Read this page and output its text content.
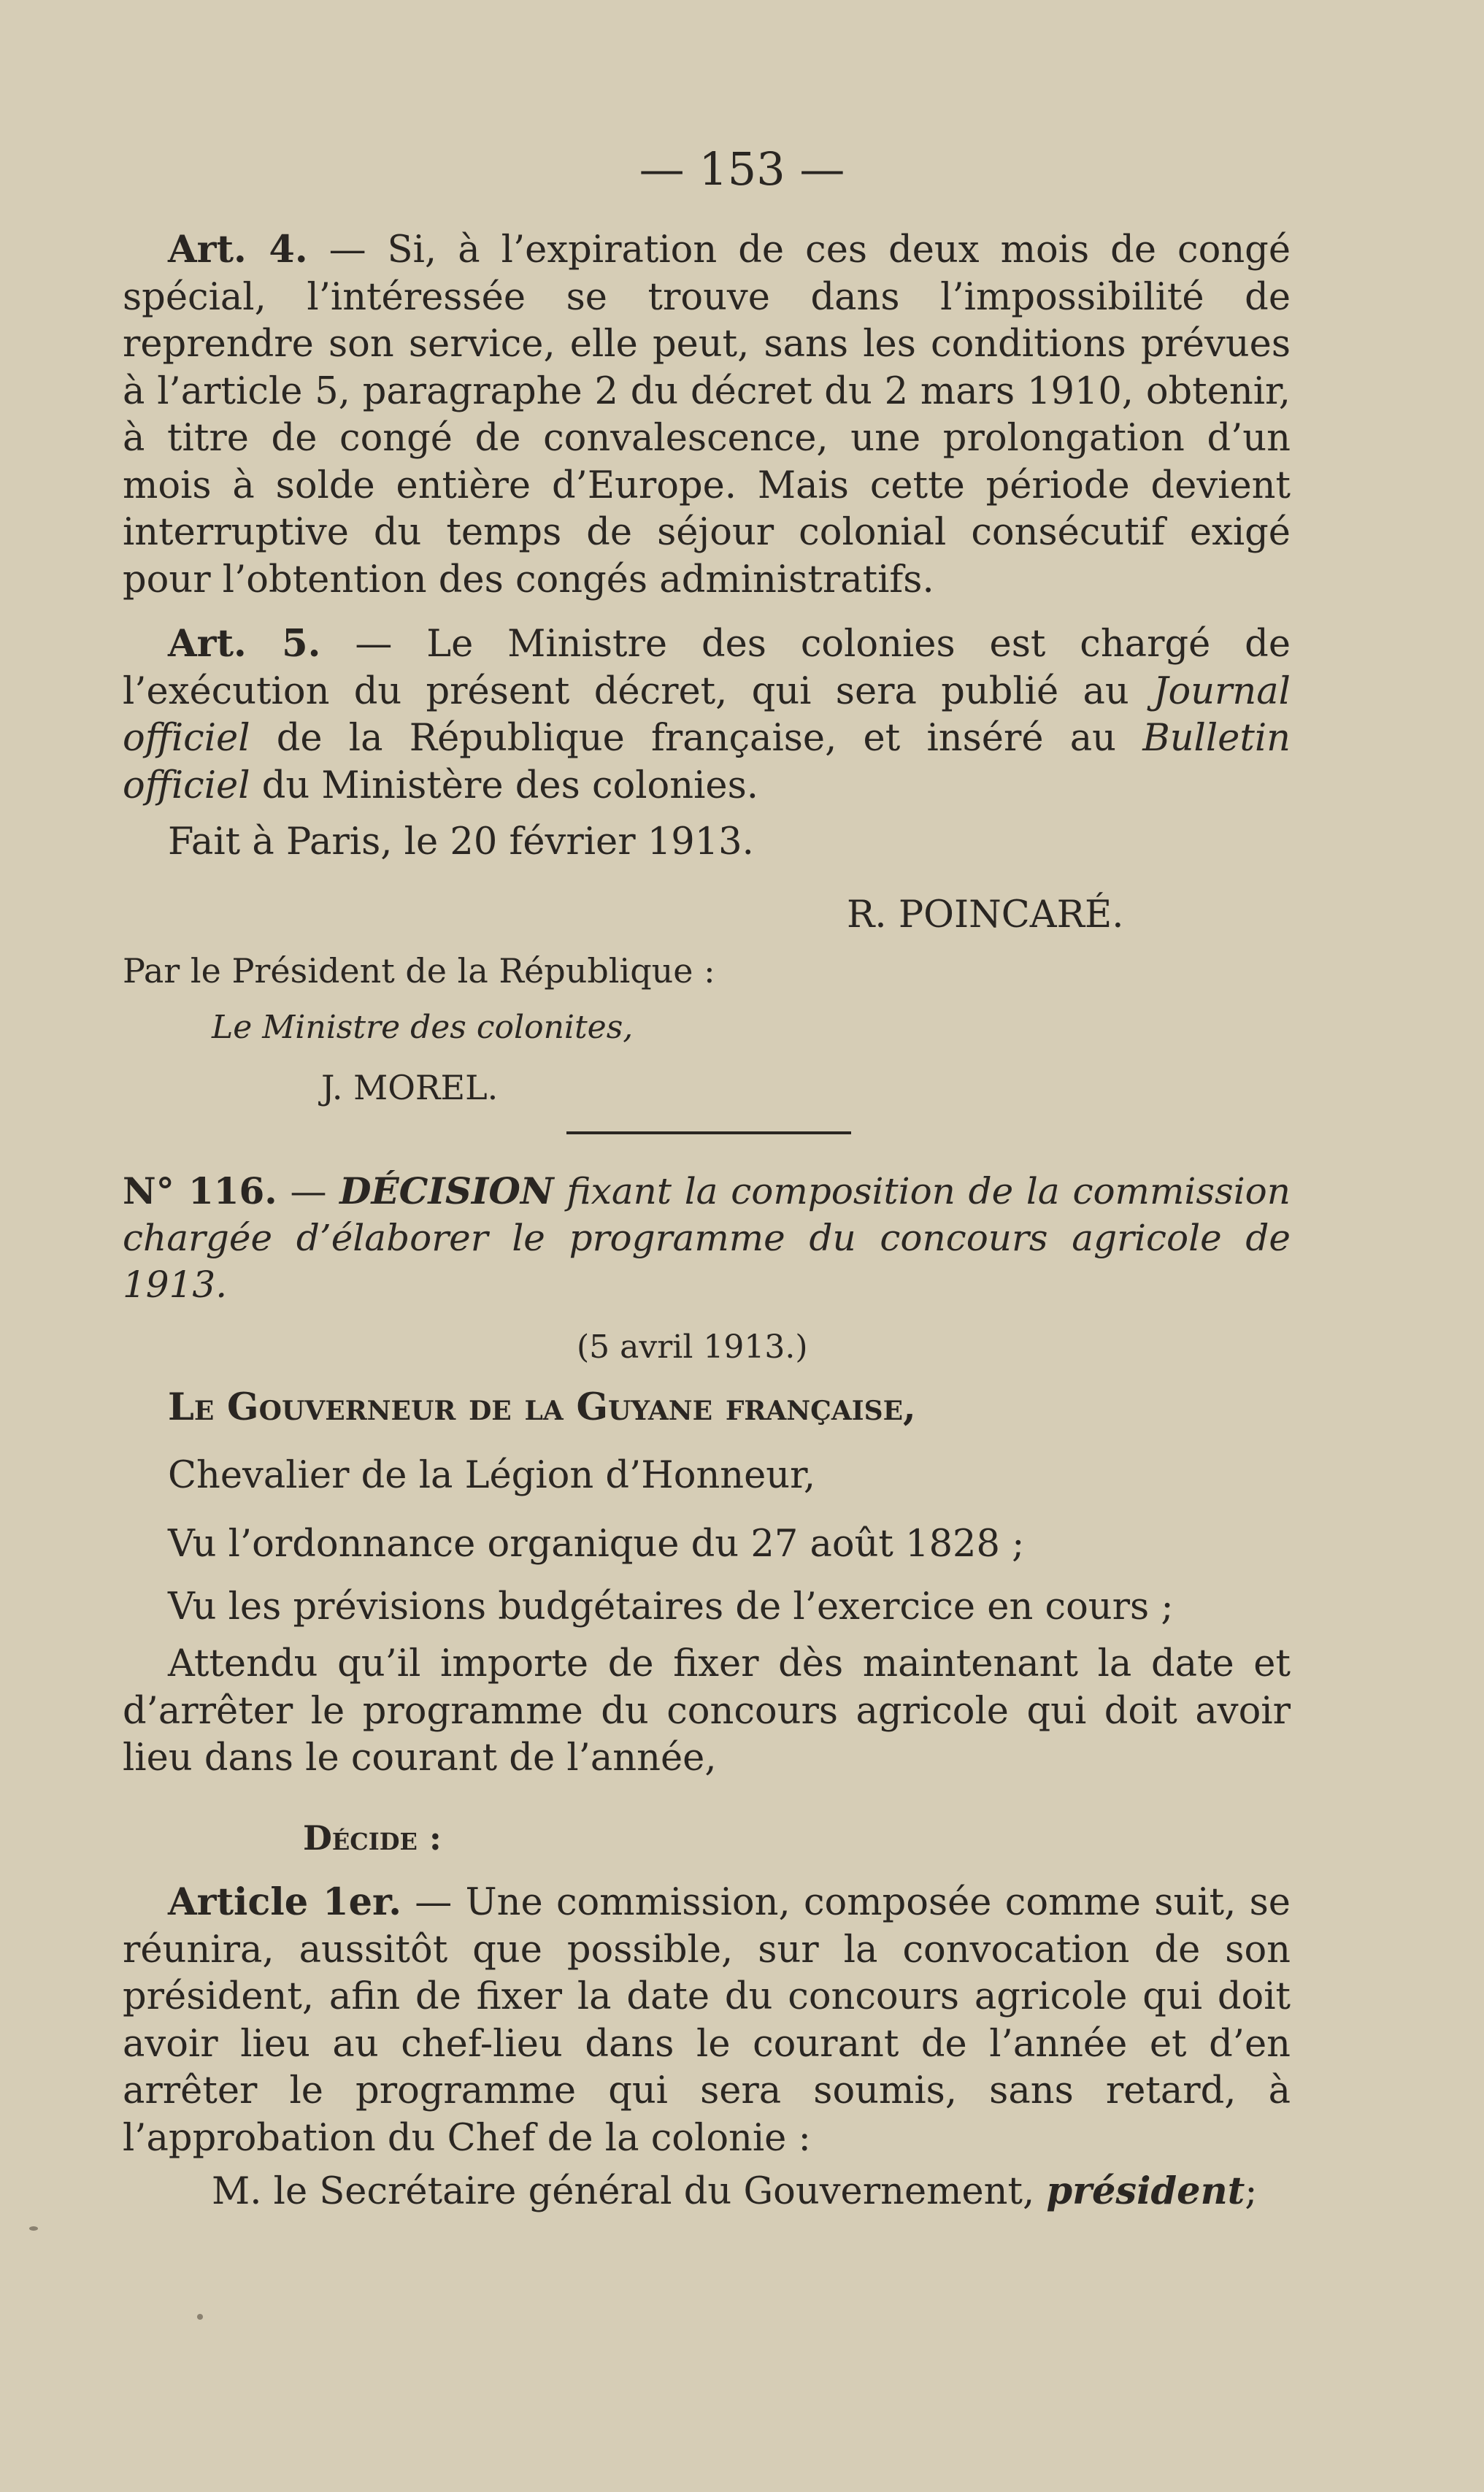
— 153 —

Art. 4. — Si, à l’expiration de ces deux mois de congé spécial, l’intéressée se trouve dans l’impossibilité de reprendre son service, elle peut, sans les conditions prévues à l’article 5, paragraphe 2 du décret du 2 mars 1910, obtenir, à titre de congé de convalescence, une prolongation d’un mois à solde entière d’Europe. Mais cette période devient interruptive du temps de séjour colonial consécutif exigé pour l’obtention des congés administratifs.

Art. 5. — Le Ministre des colonies est chargé de l’exécution du présent décret, qui sera publié au Journal officiel de la République française, et inséré au Bulletin officiel du Ministère des colonies.

Fait à Paris, le 20 février 1913.

R. POINCARÉ.

Par le Président de la République :

Le Ministre des colonites,

J. MOREL.

N° 116. — DÉCISION fixant la composition de la commission chargée d’élaborer le programme du concours agricole de 1913.

(5 avril 1913.)

Le Gouverneur de la Guyane française,

Chevalier de la Légion d’Honneur,

Vu l’ordonnance organique du 27 août 1828 ;

Vu les prévisions budgétaires de l’exercice en cours ;

Attendu qu’il importe de fixer dès maintenant la date et d’arrêter le programme du concours agricole qui doit avoir lieu dans le courant de l’année,

Décide :

Article 1er. — Une commission, composée comme suit, se réunira, aussitôt que possible, sur la convocation de son président, afin de fixer la date du concours agricole qui doit avoir lieu au chef-lieu dans le courant de l’année et d’en arrêter le programme qui sera soumis, sans retard, à l’approbation du Chef de la colonie :

M. le Secrétaire général du Gouvernement, président;
